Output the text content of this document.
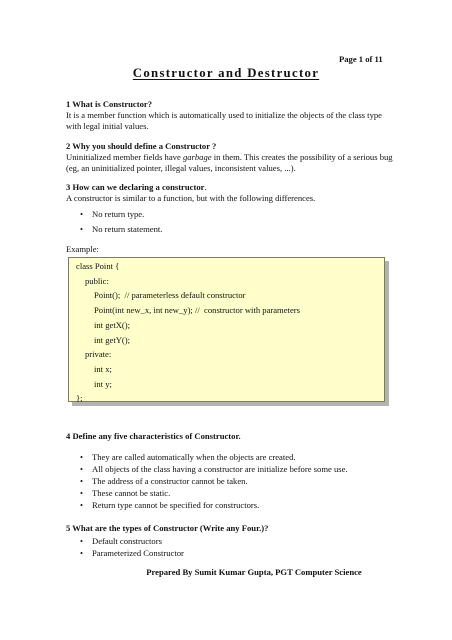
Page 1 of 11
Constructor and Destructor

1 What is Constructor?

It is a member function which is automatically used to initialize the objects of the class type with legal initial values.

2 Why you should define a Constructor ?

Uninitialized member fields have garbage in them. This creates the possibility of a serious bug (eg, an uninitialized pointer, illegal values, inconsistent values, ...).

3 How can we declaring a constructor.

A constructor is similar to a function, but with the following differences.

• No return type.
• No return statement.

Example:

class Point {
public:
Point();  // parameterless default constructor
Point(int new_x, int new_y); //  constructor with parameters
int getX();
int getY();
private:
int x;
int y;
};

4 Define any five characteristics of Constructor.

• They are called automatically when the objects are created.
• All objects of the class having a constructor are initialize before some use.
• The address of a constructor cannot be taken.
• These cannot be static.
• Return type cannot be specified for constructors.

5 What are the types of Constructor (Write any Four.)?

• Default constructors
• Parameterized Constructor
Prepared By Sumit Kumar Gupta, PGT Computer Science
